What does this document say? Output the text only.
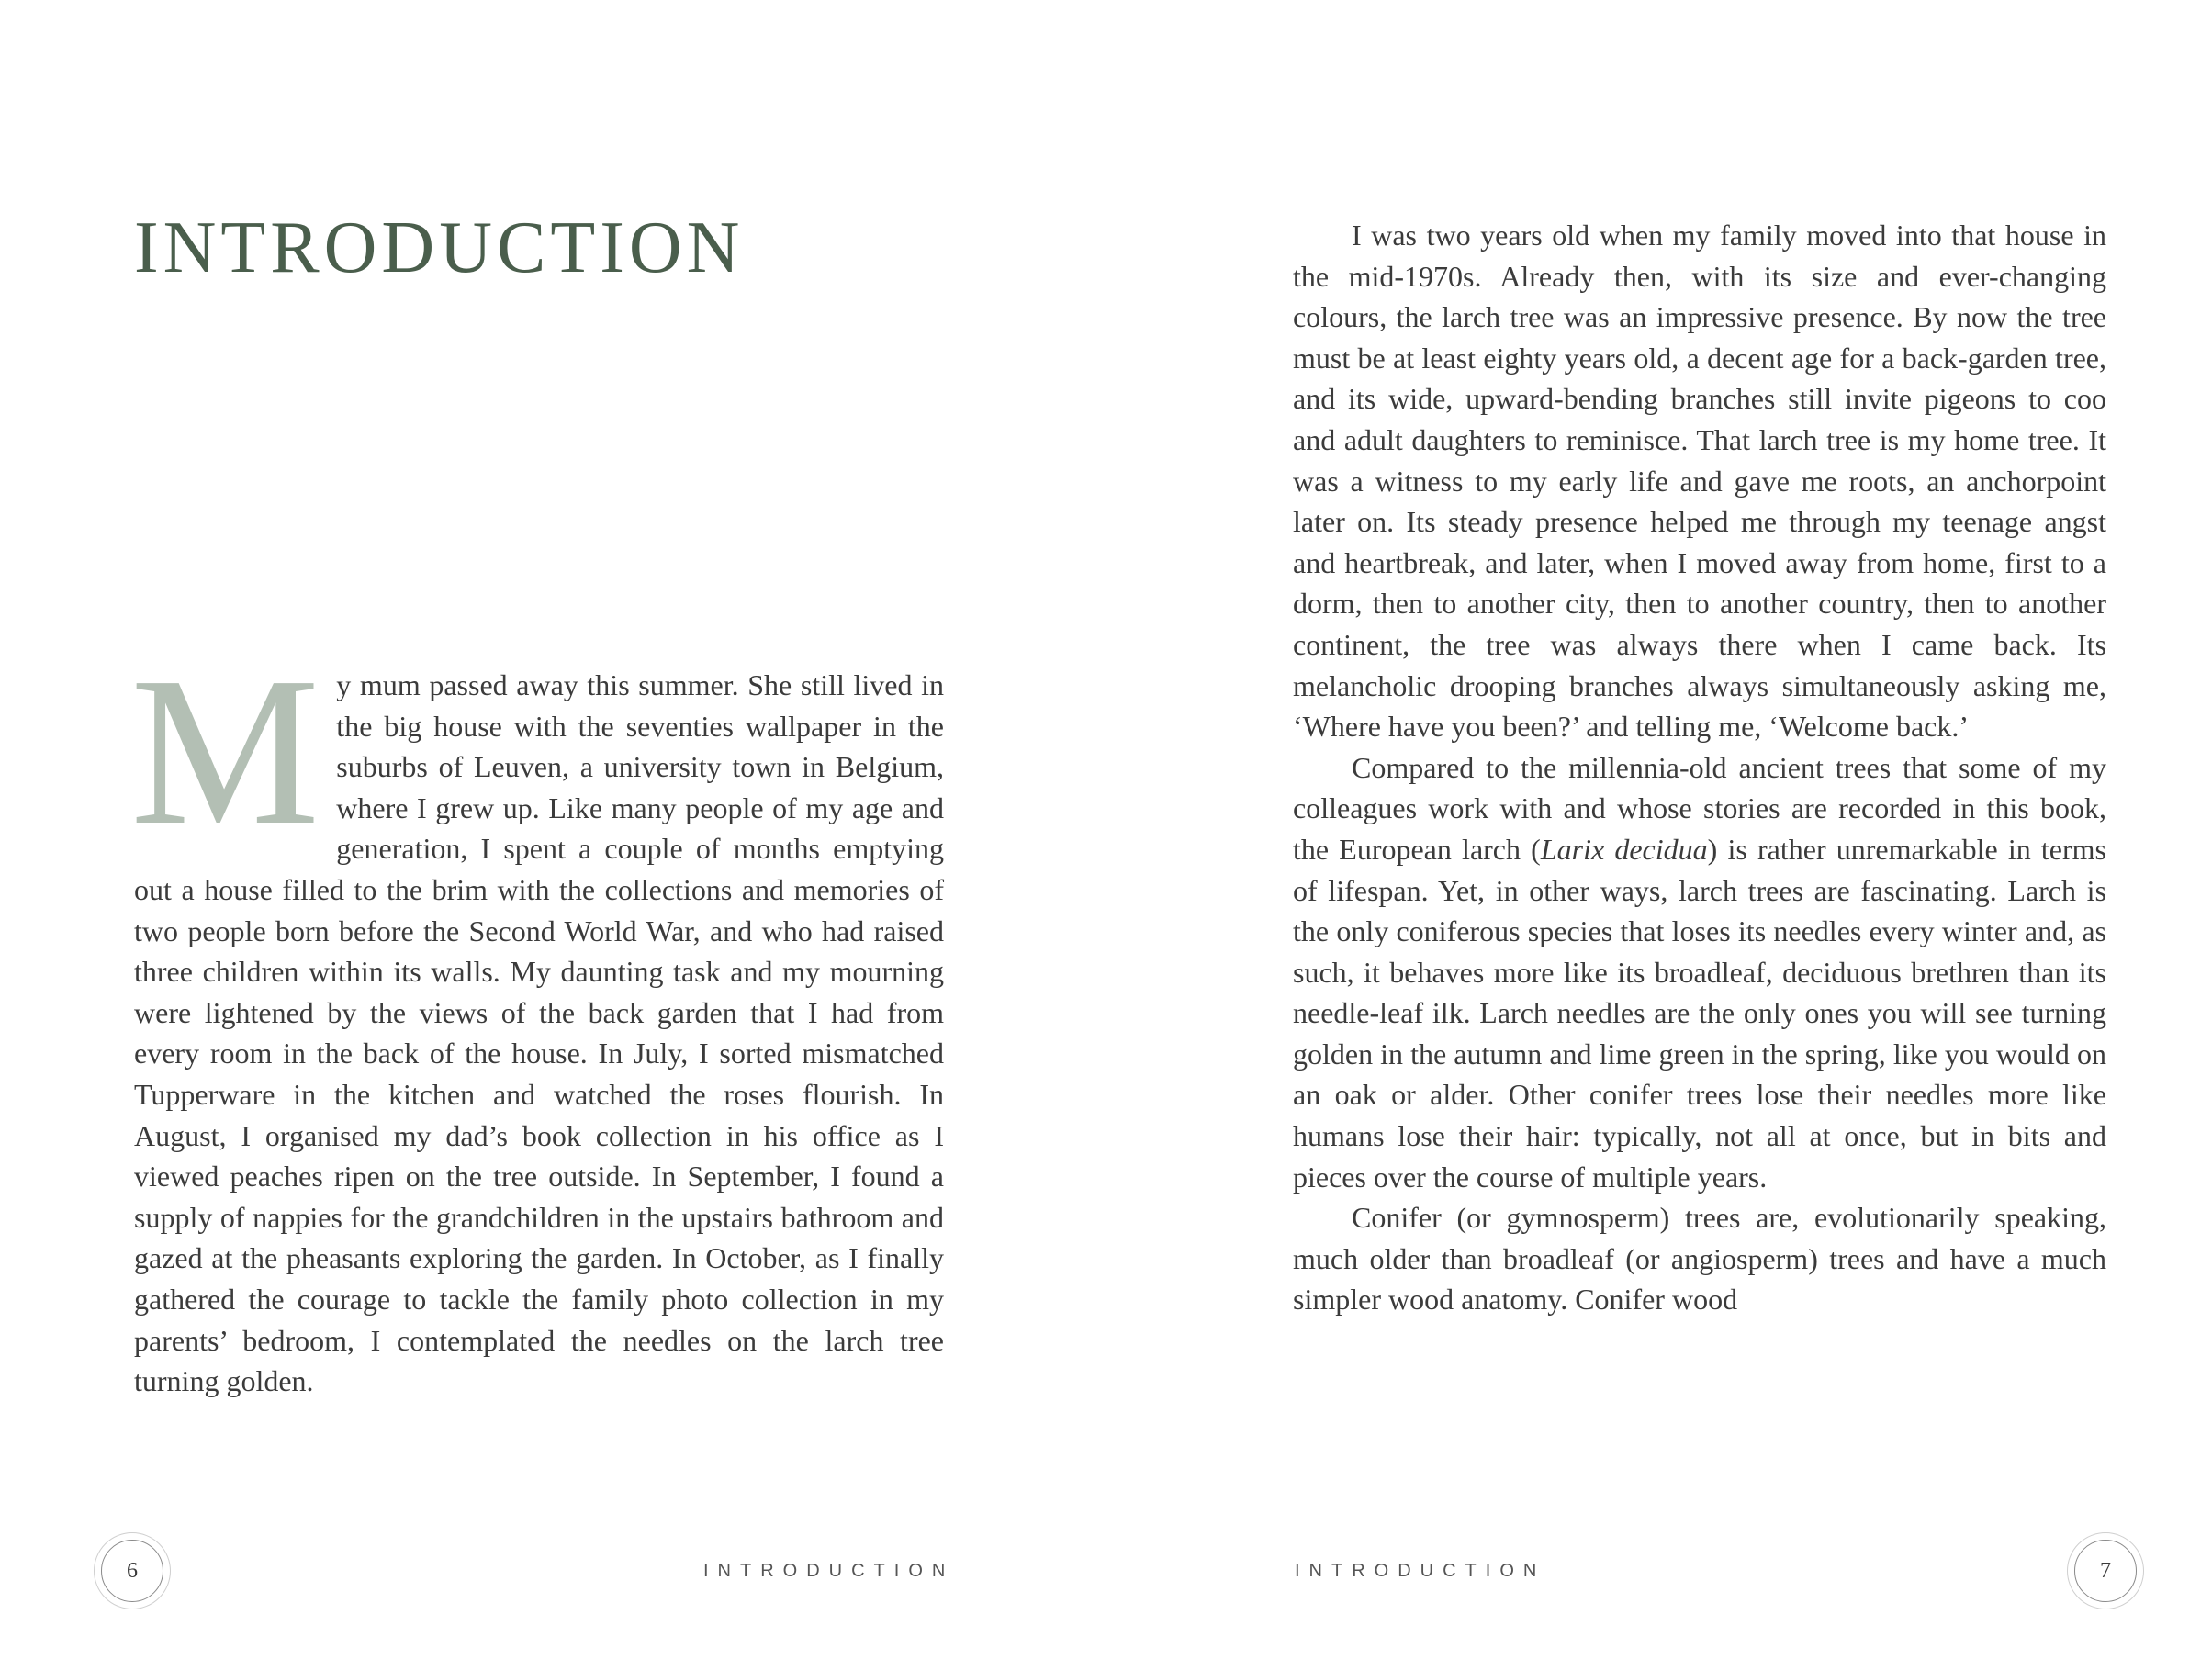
INTRODUCTION

My mum passed away this summer. She still lived in the big house with the seventies wallpaper in the suburbs of Leuven, a university town in Belgium, where I grew up. Like many people of my age and generation, I spent a couple of months emptying out a house filled to the brim with the collections and memories of two people born before the Second World War, and who had raised three children within its walls. My daunting task and my mourning were lightened by the views of the back garden that I had from every room in the back of the house. In July, I sorted mismatched Tupperware in the kitchen and watched the roses flourish. In August, I organised my dad’s book collection in his office as I viewed peaches ripen on the tree outside. In September, I found a supply of nappies for the grandchildren in the upstairs bathroom and gazed at the pheasants exploring the garden. In October, as I finally gathered the courage to tackle the family photo collection in my parents’ bedroom, I contemplated the needles on the larch tree turning golden.

6	INTRODUCTION

I was two years old when my family moved into that house in the mid-1970s. Already then, with its size and ever-changing colours, the larch tree was an impressive presence. By now the tree must be at least eighty years old, a decent age for a back-garden tree, and its wide, upward-bending branches still invite pigeons to coo and adult daughters to reminisce. That larch tree is my home tree. It was a witness to my early life and gave me roots, an anchorpoint later on. Its steady presence helped me through my teenage angst and heartbreak, and later, when I moved away from home, first to a dorm, then to another city, then to another country, then to another continent, the tree was always there when I came back. Its melancholic drooping branches always simultaneously asking me, ‘Where have you been?’ and telling me, ‘Welcome back.’

Compared to the millennia-old ancient trees that some of my colleagues work with and whose stories are recorded in this book, the European larch (Larix decidua) is rather unremarkable in terms of lifespan. Yet, in other ways, larch trees are fascinating. Larch is the only coniferous species that loses its needles every winter and, as such, it behaves more like its broadleaf, deciduous brethren than its needle-leaf ilk. Larch needles are the only ones you will see turning golden in the autumn and lime green in the spring, like you would on an oak or alder. Other conifer trees lose their needles more like humans lose their hair: typically, not all at once, but in bits and pieces over the course of multiple years.

Conifer (or gymnosperm) trees are, evolutionarily speaking, much older than broadleaf (or angiosperm) trees and have a much simpler wood anatomy. Conifer wood

INTRODUCTION	7
